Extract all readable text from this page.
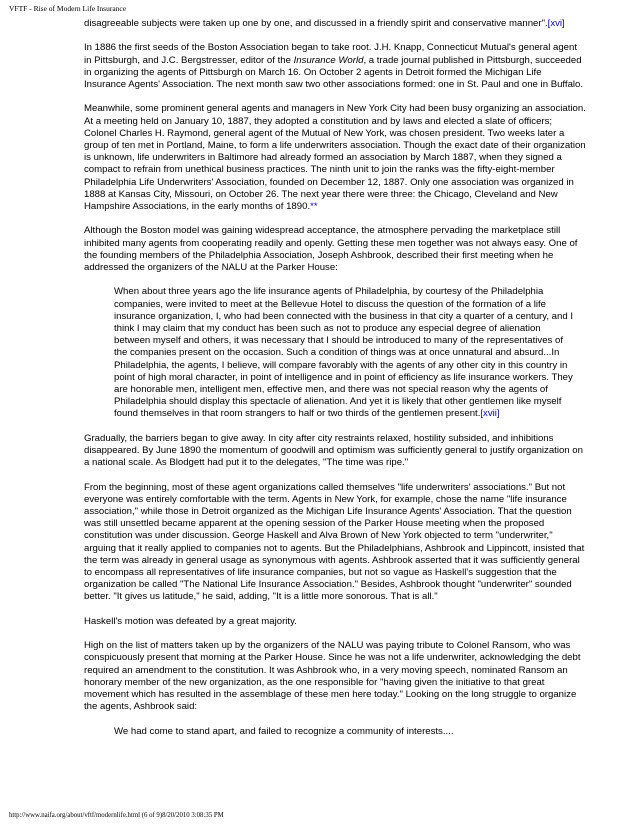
VFTF - Rise of Modern Life Insurance

disagreeable subjects were taken up one by one, and discussed in a friendly spirit and conservative manner".[xvi]

In 1886 the first seeds of the Boston Association began to take root. J.H. Knapp, Connecticut Mutual's general agent in Pittsburgh, and J.C. Bergstresser, editor of the Insurance World, a trade journal published in Pittsburgh, succeeded in organizing the agents of Pittsburgh on March 16. On October 2 agents in Detroit formed the Michigan Life Insurance Agents' Association. The next month saw two other associations formed: one in St. Paul and one in Buffalo.

Meanwhile, some prominent general agents and managers in New York City had been busy organizing an association. At a meeting held on January 10, 1887, they adopted a constitution and by laws and elected a slate of officers; Colonel Charles H. Raymond, general agent of the Mutual of New York, was chosen president. Two weeks later a group of ten met in Portland, Maine, to form a life underwriters association. Though the exact date of their organization is unknown, life underwriters in Baltimore had already formed an association by March 1887, when they signed a compact to refrain from unethical business practices. The ninth unit to join the ranks was the fifty-eight-member Philadelphia Life Underwriters' Association, founded on December 12, 1887. Only one association was organized in 1888 at Kansas City, Missouri, on October 26. The next year there were three: the Chicago, Cleveland and New Hampshire Associations, in the early months of 1890.**

Although the Boston model was gaining widespread acceptance, the atmosphere pervading the marketplace still inhibited many agents from cooperating readily and openly. Getting these men together was not always easy. One of the founding members of the Philadelphia Association, Joseph Ashbrook, described their first meeting when he addressed the organizers of the NALU at the Parker House:

When about three years ago the life insurance agents of Philadelphia, by courtesy of the Philadelphia companies, were invited to meet at the Bellevue Hotel to discuss the question of the formation of a life insurance organization, I, who had been connected with the business in that city a quarter of a century, and I think I may claim that my conduct has been such as not to produce any especial degree of alienation between myself and others, it was necessary that I should be introduced to many of the representatives of the companies present on the occasion. Such a condition of things was at once unnatural and absurd...In Philadelphia, the agents, I believe, will compare favorably with the agents of any other city in this country in point of high moral character, in point of intelligence and in point of efficiency as life insurance workers. They are honorable men, intelligent men, effective men, and there was not special reason why the agents of Philadelphia should display this spectacle of alienation. And yet it is likely that other gentlemen like myself found themselves in that room strangers to half or two thirds of the gentlemen present.[xvii]

Gradually, the barriers began to give away. In city after city restraints relaxed, hostility subsided, and inhibitions disappeared. By June 1890 the momentum of goodwill and optimism was sufficiently general to justify organization on a national scale. As Blodgett had put it to the delegates, "The time was ripe."

From the beginning, most of these agent organizations called themselves "life underwriters' associations." But not everyone was entirely comfortable with the term. Agents in New York, for example, chose the name "life insurance association," while those in Detroit organized as the Michigan Life Insurance Agents' Association. That the question was still unsettled became apparent at the opening session of the Parker House meeting when the proposed constitution was under discussion. George Haskell and Alva Brown of New York objected to term "underwriter," arguing that it really applied to companies not to agents. But the Philadelphians, Ashbrook and Lippincott, insisted that the term was already in general usage as synonymous with agents. Ashbrook asserted that it was sufficiently general to encompass all representatives of life insurance companies, but not so vague as Haskell's suggestion that the organization be called "The National Life Insurance Association." Besides, Ashbrook thought "underwriter" sounded better. "It gives us latitude," he said, adding, "It is a little more sonorous. That is all."

Haskell's motion was defeated by a great majority.

High on the list of matters taken up by the organizers of the NALU was paying tribute to Colonel Ransom, who was conspicuously present that morning at the Parker House. Since he was not a life underwriter, acknowledging the debt required an amendment to the constitution. It was Ashbrook who, in a very moving speech, nominated Ransom an honorary member of the new organization, as the one responsible for "having given the initiative to that great movement which has resulted in the assemblage of these men here today." Looking on the long struggle to organize the agents, Ashbrook said:

We had come to stand apart, and failed to recognize a community of interests....
http://www.naifa.org/about/vftf/modernlife.html (6 of 9)8/20/2010 3:08:35 PM
